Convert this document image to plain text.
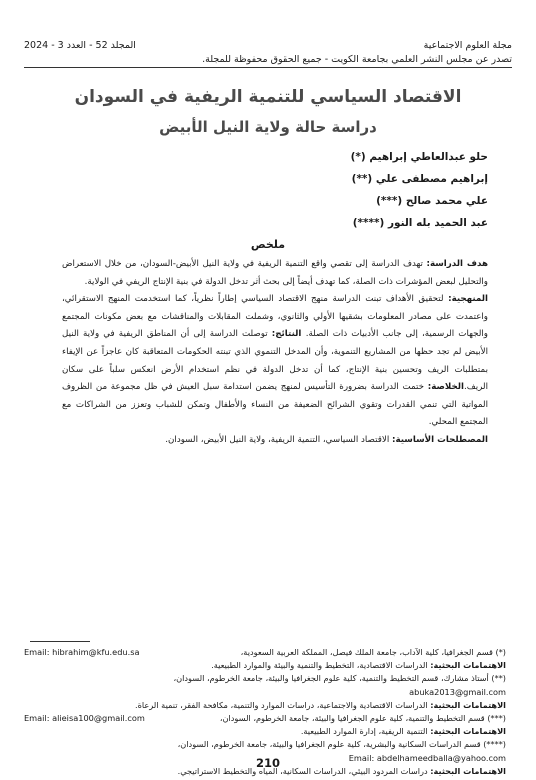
مجلة العلوم الاجتماعية
المجلد 52 - العدد 3 - 2024
تصدر عن مجلس النشر العلمي بجامعة الكويت - جميع الحقوق محفوظة للمجلة.
الاقتصاد السياسي للتنمية الريفية في السودان
دراسة حالة ولاية النيل الأبيض
حلو عبدالعاطي إبراهيم (*)
إبراهيم مصطفى علي (**)
علي محمد صالح (***)
عبد الحميد بله النور (****)
ملخص
هدف الدراسة: تهدف الدراسة إلى تقصي واقع التنمية الريفية في ولاية النيل الأبيض-السودان، من خلال الاستعراض والتحليل لبعض المؤشرات ذات الصلة، كما تهدف أيضاً إلى بحث أثر تدخل الدولة في بنية الإنتاج الريفي في الولاية.
المنهجية: لتحقيق الأهداف تبنت الدراسة منهج الاقتصاد السياسي إطاراً نظرياً، كما استخدمت المنهج الاستقرائي، واعتمدت على مصادر المعلومات بشقيها الأولي والثانوي، وشملت المقابلات والمناقشات مع بعض مكونات المجتمع والجهات الرسمية، إلى جانب الأدبيات ذات الصلة. النتائج: توصلت الدراسة إلى أن المناطق الريفية في ولاية النيل الأبيض لم تجد حظها من المشاريع التنموية، وأن المدخل التنموي الذي تبنته الحكومات المتعاقبة كان عاجزاً عن الإيفاء بمتطلبات الريف وتحسين بنية الإنتاج، كما أن تدخل الدولة في نظم استخدام الأرض انعكس سلباً على سكان الريف.الخلاصة: ختمت الدراسة بضرورة التأسيس لمنهج يضمن استدامة سبل العيش في ظل مجموعة من الظروف المواتية التي تنمي القدرات وتقوي الشرائح الضعيفة من النساء والأطفال وتمكن للشباب وتعزز من الشراكات مع المجتمع المحلي.
المصطلحات الأساسية: الاقتصاد السياسي، التنمية الريفية، ولاية النيل الأبيض، السودان.
(*) قسم الجغرافيا، كلية الآداب، جامعة الملك فيصل، المملكة العربية السعودية،
Email: hibrahim@kfu.edu.sa

الاهتمامات البحثية: الدراسات الاقتصادية، التخطيط والتنمية والبيئة والموارد الطبيعية.

(**) أستاذ مشارك، قسم التخطيط والتنمية، كلية علوم الجغرافيا والبيئة، جامعة الخرطوم، السودان،

abuka2013@gmail.com

الاهتمامات البحثية: الدراسات الاقتصادية والاجتماعية، دراسات الموارد والتنمية، مكافحة الفقر، تنمية الرعاة.

(***) قسم التخطيط والتنمية، كلية علوم الجغرافيا والبيئة، جامعة الخرطوم، السودان،
Email: alieisa100@gmail.com

الاهتمامات البحثية: التنمية الريفية، إدارة الموارد الطبيعية.

(****) قسم الدراسات السكانية والبشرية، كلية علوم الجغرافيا والبيئة، جامعة الخرطوم، السودان،

Email: abdelhameedballa@yahoo.com

الاهتمامات البحثية: دراسات المردود البيئي، الدراسات السكانية، المياه والتخطيط الاستراتيجي.

210
